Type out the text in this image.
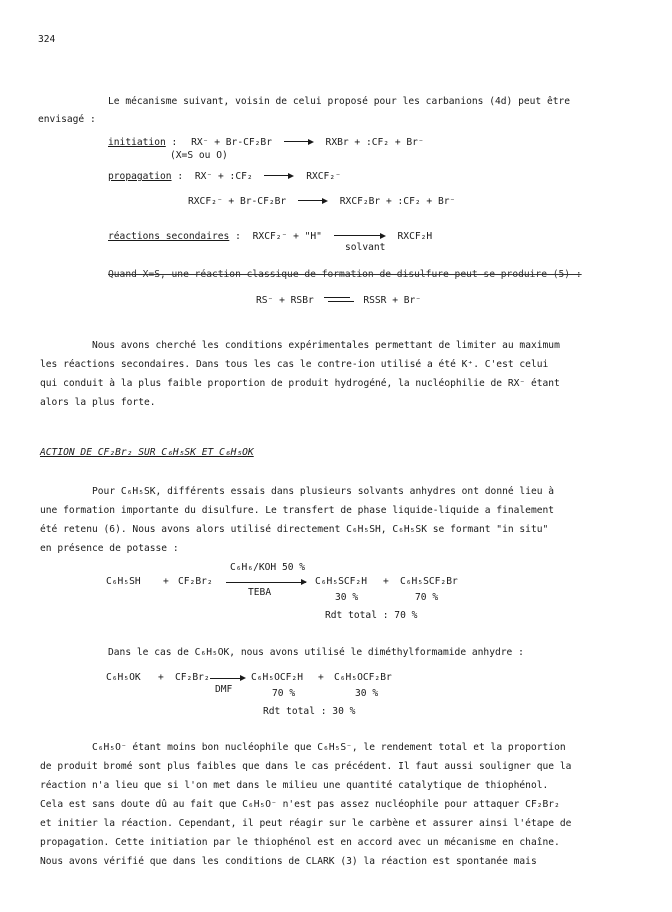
324
Le mécanisme suivant, voisin de celui proposé pour les carbanions (4d) peut être
envisagé :
initiation : RX⁻ + Br-CF₂Br	RXBr + :CF₂ + Br⁻
(X=S ou O)
propagation : RX⁻ + :CF₂	RXCF₂⁻
RXCF₂⁻ + Br-CF₂Br	RXCF₂Br + :CF₂ + Br⁻
réactions secondaires : RXCF₂⁻ + "H"	RXCF₂H
solvant
Quand X=S, une réaction classique de formation de disulfure peut se produire (5) :
RS⁻ + RSBr	RSSR + Br⁻
Nous avons cherché les conditions expérimentales permettant de limiter au maximum
les réactions secondaires. Dans tous les cas le contre-ion utilisé a été K⁺. C'est celui
qui conduit à la plus faible proportion de produit hydrogéné, la nucléophilie de RX⁻ étant
alors la plus forte.
ACTION DE CF₂Br₂ SUR C₆H₅SK ET C₆H₅OK
Pour C₆H₅SK, différents essais dans plusieurs solvants anhydres ont donné lieu à
une formation importante du disulfure. Le transfert de phase liquide-liquide a finalement
été retenu (6). Nous avons alors utilisé directement C₆H₅SH, C₆H₅SK se formant "in situ"
en présence de potasse :
C₆H₆/KOH 50 %
C₆H₅SH + CF₂Br₂
TEBA
C₆H₅SCF₂H + C₆H₅SCF₂Br
30 %	70 %
Rdt total : 70 %
Dans le cas de C₆H₅OK, nous avons utilisé le diméthylformamide anhydre :
C₆H₅OK + CF₂Br₂
DMF
C₆H₅OCF₂H + C₆H₅OCF₂Br
70 %	30 %
Rdt total : 30 %
C₆H₅O⁻ étant moins bon nucléophile que C₆H₅S⁻, le rendement total et la proportion
de produit bromé sont plus faibles que dans le cas précédent. Il faut aussi souligner que la
réaction n'a lieu que si l'on met dans le milieu une quantité catalytique de thiophénol.
Cela est sans doute dû au fait que C₆H₅O⁻ n'est pas assez nucléophile pour attaquer CF₂Br₂
et initier la réaction. Cependant, il peut réagir sur le carbène et assurer ainsi l'étape de
propagation. Cette initiation par le thiophénol est en accord avec un mécanisme en chaîne.
Nous avons vérifié que dans les conditions de CLARK (3) la réaction est spontanée mais
